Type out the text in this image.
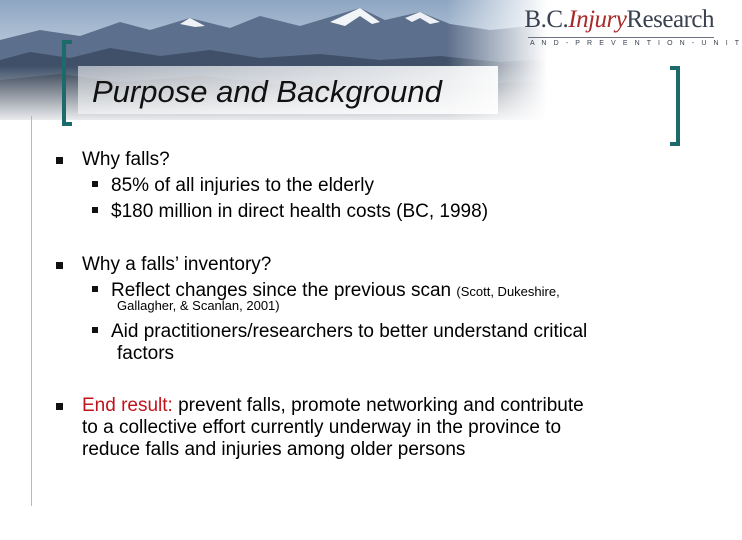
B.C.InjuryResearch
A N D - P R E V E N T I O N - U N I T
Purpose and Background
Why falls?
85% of all injuries to the elderly
$180 million in direct health costs (BC, 1998)
Why a falls’ inventory?
Reflect changes since the previous scan (Scott, Dukeshire,
Gallagher, & Scanlan, 2001)
Aid practitioners/researchers to better understand critical
factors
End result: prevent falls, promote networking and contribute
to a collective effort currently underway in the province to
reduce falls and injuries among older persons
